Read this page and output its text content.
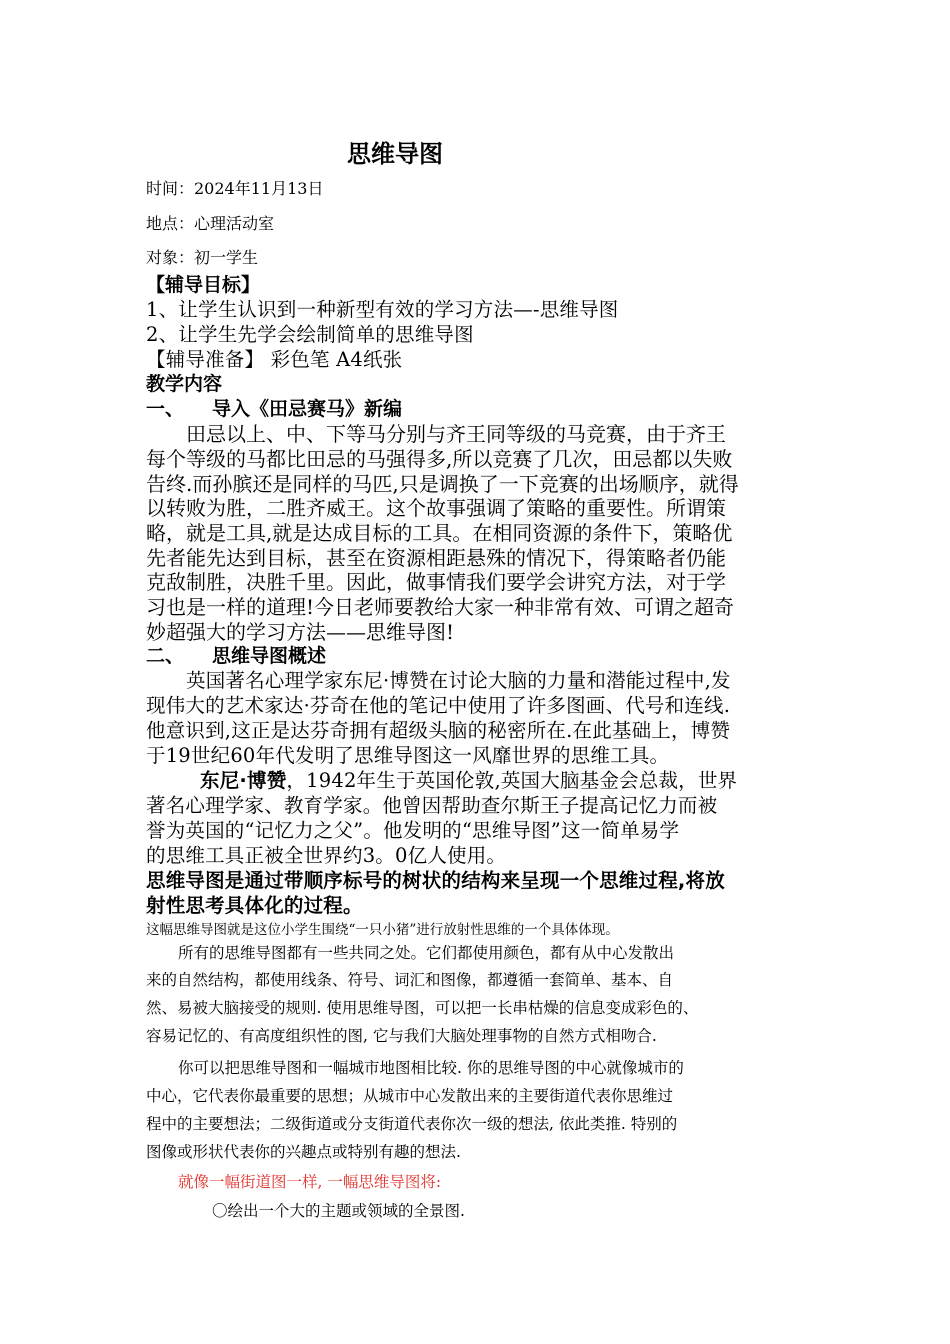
思维导图
时间：2024年11月13日
地点：心理活动室
对象：初一学生
【辅导目标】
1、让学生认识到一种新型有效的学习方法—-思维导图
2、让学生先学会绘制简单的思维导图
【辅导准备】 彩色笔 A4纸张
教学内容
一、 导入《田忌赛马》新编
田忌以上、中、下等马分别与齐王同等级的马竞赛，由于齐王
每个等级的马都比田忌的马强得多,所以竞赛了几次，田忌都以失败
告终.而孙膑还是同样的马匹,只是调换了一下竞赛的出场顺序，就得
以转败为胜，二胜齐威王。这个故事强调了策略的重要性。所谓策
略，就是工具,就是达成目标的工具。在相同资源的条件下，策略优
先者能先达到目标，甚至在资源相距悬殊的情况下，得策略者仍能
克敌制胜，决胜千里。因此，做事情我们要学会讲究方法，对于学
习也是一样的道理!今日老师要教给大家一种非常有效、可谓之超奇
妙超强大的学习方法——思维导图!
二、 思维导图概述
英国著名心理学家东尼·博赞在讨论大脑的力量和潜能过程中,发
现伟大的艺术家达·芬奇在他的笔记中使用了许多图画、代号和连线.
他意识到,这正是达芬奇拥有超级头脑的秘密所在.在此基础上，博赞
于19世纪60年代发明了思维导图这一风靡世界的思维工具。
东尼·博赞，1942年生于英国伦敦,英国大脑基金会总裁，世界
著名心理学家、教育学家。他曾因帮助查尔斯王子提高记忆力而被
誉为英国的“记忆力之父”。他发明的“思维导图”这一简单易学
的思维工具正被全世界约3。0亿人使用。
思维导图是通过带顺序标号的树状的结构来呈现一个思维过程,将放
射性思考具体化的过程。
这幅思维导图就是这位小学生围绕“一只小猪”进行放射性思维的一个具体体现。
所有的思维导图都有一些共同之处。它们都使用颜色，都有从中心发散出
来的自然结构，都使用线条、符号、词汇和图像，都遵循一套简单、基本、自
然、易被大脑接受的规则. 使用思维导图，可以把一长串枯燥的信息变成彩色的、
容易记忆的、有高度组织性的图, 它与我们大脑处理事物的自然方式相吻合.
你可以把思维导图和一幅城市地图相比较. 你的思维导图的中心就像城市的
中心，它代表你最重要的思想；从城市中心发散出来的主要街道代表你思维过
程中的主要想法；二级街道或分支街道代表你次一级的想法, 依此类推. 特别的
图像或形状代表你的兴趣点或特别有趣的想法.
就像一幅街道图一样, 一幅思维导图将:
〇绘出一个大的主题或领域的全景图.
